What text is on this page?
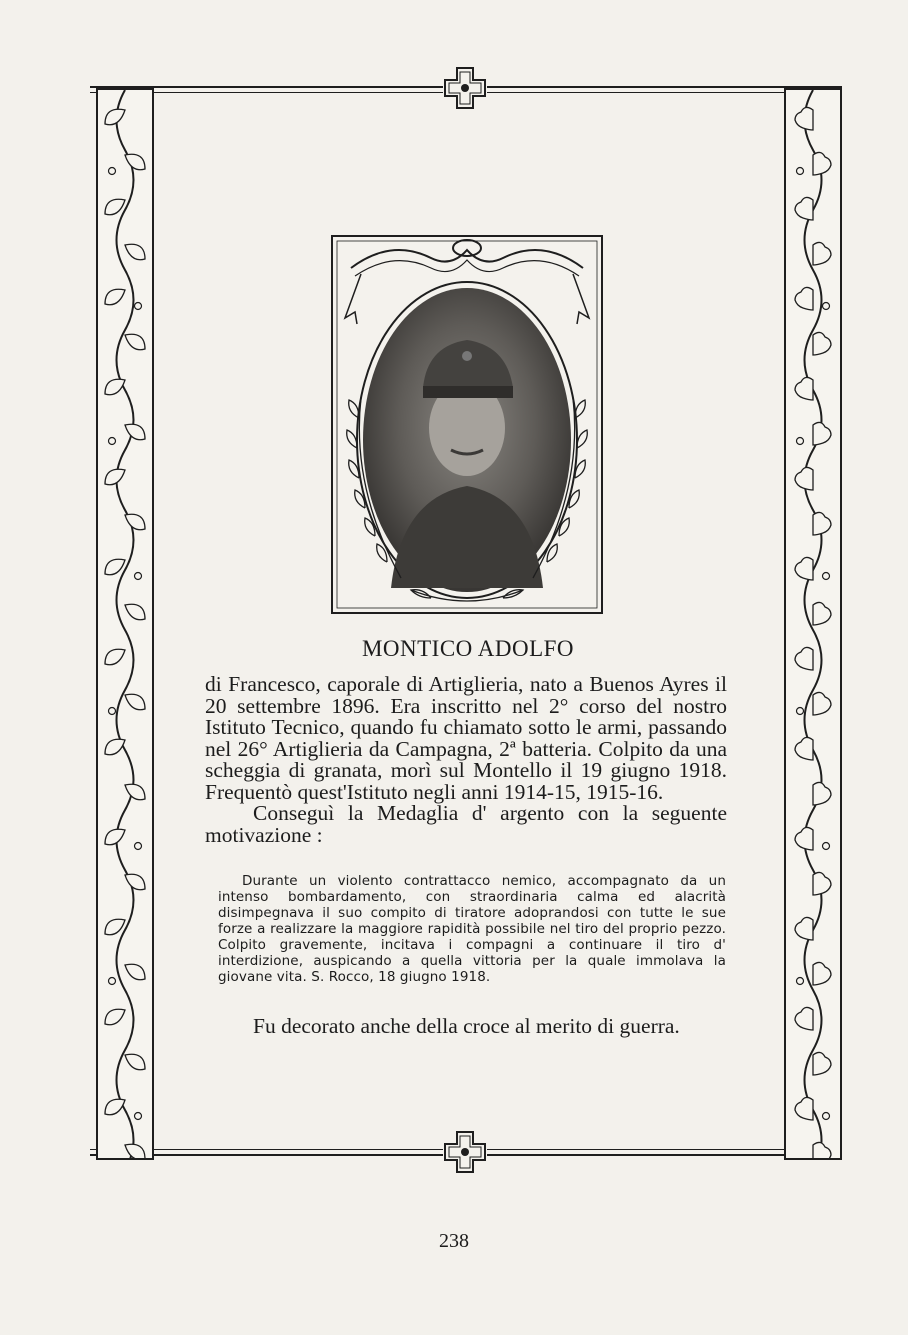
MONTICO ADOLFO

di Francesco, caporale di Artiglieria, nato a Buenos Ayres il 20 settembre 1896. Era inscritto nel 2° corso del nostro Istituto Tecnico, quando fu chiamato sotto le armi, passando nel 26° Artiglieria da Campagna, 2ª batteria. Colpito da una scheggia di granata, morì sul Montello il 19 giugno 1918. Frequentò quest'Istituto negli anni 1914-15, 1915-16.

Conseguì la Medaglia d' argento con la seguente motivazione :

Durante un violento contrattacco nemico, accompagnato da un intenso bombardamento, con straordinaria calma ed alacrità disimpegnava il suo compito di tiratore adoprandosi con tutte le sue forze a realizzare la maggiore rapidità possibile nel tiro del proprio pezzo. Colpito gravemente, incitava i compagni a continuare il tiro d' interdizione, auspicando a quella vittoria per la quale immolava la giovane vita. S. Rocco, 18 giugno 1918.

Fu decorato anche della croce al merito di guerra.

238
